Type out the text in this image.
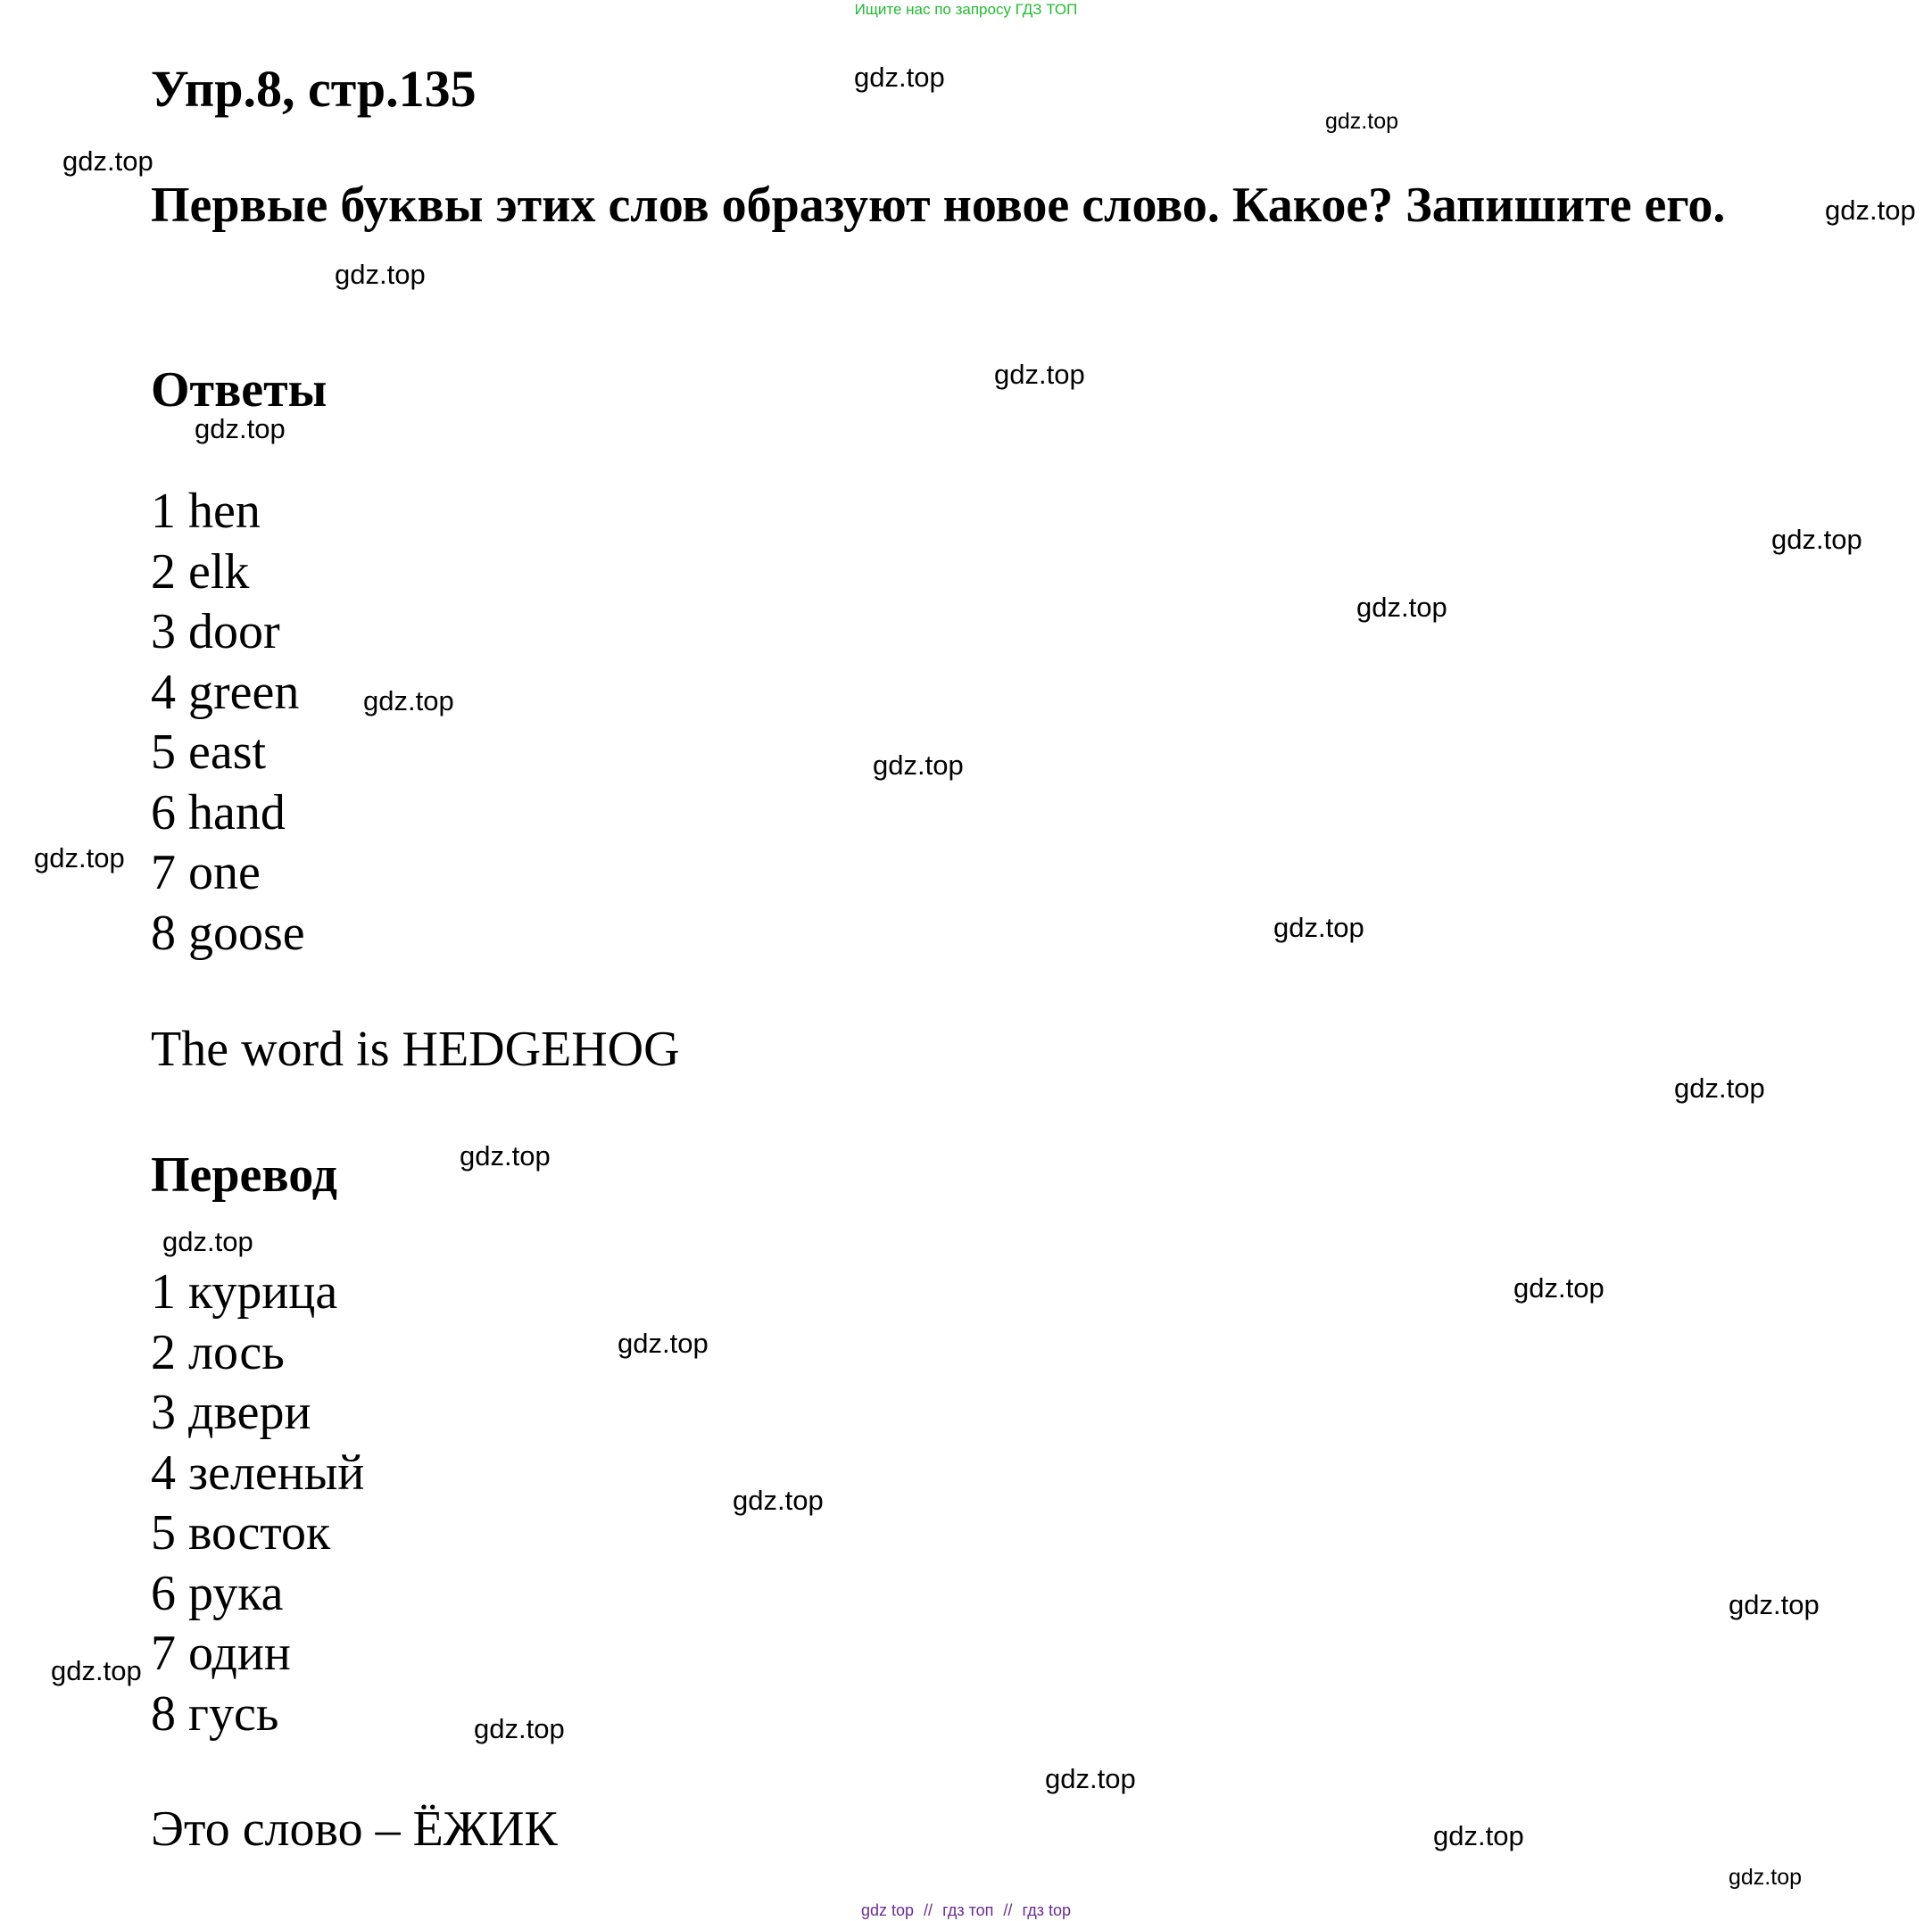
Ищите нас по запросу ГДЗ ТОП
Упр.8, стр.135

Первые буквы этих слов образуют новое слово. Какое? Запишите его.

Ответы
1 hen
2 elk
3 door
4 green
5 east
6 hand
7 one
8 goose

The word is HEDGEHOG

Перевод
1 курица
2 лось
3 двери
4 зеленый
5 восток
6 рука
7 один
8 гусь

Это слово – ЁЖИК

gdz.top
gdz.top
gdz.top
gdz.top
gdz.top
gdz.top
gdz.top
gdz.top
gdz.top
gdz.top
gdz.top
gdz.top
gdz.top
gdz.top
gdz.top
gdz.top
gdz.top
gdz.top
gdz.top
gdz.top
gdz.top
gdz.top
gdz.top
gdz.top
gdz.top
gdz top // гдз топ // гдз top
